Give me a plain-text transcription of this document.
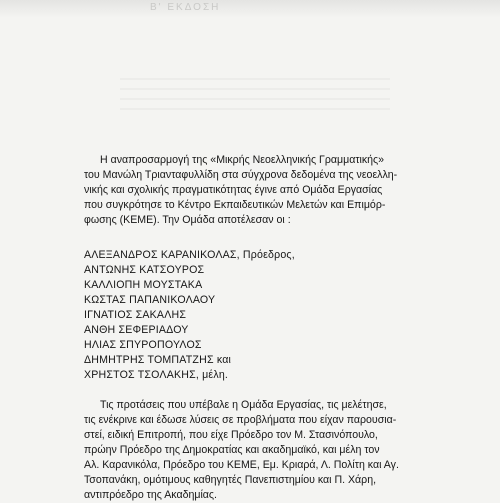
Β' ΕΚΔΟΣΗ

Η αναπροσαρμογή της «Μικρής Νεοελληνικής Γραμματικής»
του Μανώλη Τριανταφυλλίδη στα σύγχρονα δεδομένα της νεοελλη-
νικής και σχολικής πραγματικότητας έγινε από Ομάδα Εργασίας
που συγκρότησε το Κέντρο Εκπαιδευτικών Μελετών και Επιμόρ-
φωσης (ΚΕΜΕ). Την Ομάδα αποτέλεσαν οι :

ΑΛΕΞΑΝΔΡΟΣ ΚΑΡΑΝΙΚΟΛΑΣ, Πρόεδρος,
ΑΝΤΩΝΗΣ ΚΑΤΣΟΥΡΟΣ
ΚΑΛΛΙΟΠΗ ΜΟΥΣΤΑΚΑ
ΚΩΣΤΑΣ ΠΑΠΑΝΙΚΟΛΑΟΥ
ΙΓΝΑΤΙΟΣ ΣΑΚΑΛΗΣ
ΑΝΘΗ ΣΕΦΕΡΙΑΔΟΥ
ΗΛΙΑΣ ΣΠΥΡΟΠΟΥΛΟΣ
ΔΗΜΗΤΡΗΣ ΤΟΜΠΑΤΖΗΣ και
ΧΡΗΣΤΟΣ ΤΣΟΛΑΚΗΣ, μέλη.

Τις προτάσεις που υπέβαλε η Ομάδα Εργασίας, τις μελέτησε,
τις ενέκρινε και έδωσε λύσεις σε προβλήματα που είχαν παρουσια-
στεί, ειδική Επιτροπή, που είχε Πρόεδρο τον Μ. Στασινόπουλο,
πρώην Πρόεδρο της Δημοκρατίας και ακαδημαϊκό, και μέλη τον
Αλ. Καρανικόλα, Πρόεδρο του ΚΕΜΕ, Εμ. Κριαρά, Λ. Πολίτη και Αγ.
Τσοπανάκη, ομότιμους καθηγητές Πανεπιστημίου και Π. Χάρη,
αντιπρόεδρο της Ακαδημίας.
